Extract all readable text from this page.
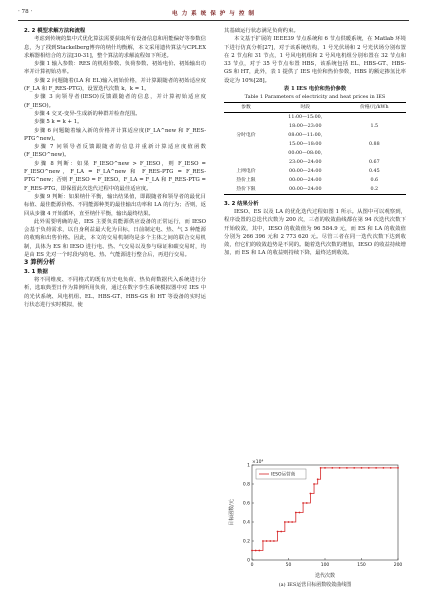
· 78 ·	电 力 系 统 保 护 与 控 制

2. 2 模型求解方法和流程

考虑到传统的集中式优化算法需要获取所有设备信息和用能偏好等参数信息，为了找到Stackelberg博弈的纳什均衡解，本文采用遗传算法与CPLEX求解器相结合的方法[30-31]，整个算法的求解流程如下所述。

步骤 1 输入参数：RES 的机组参数、负荷参数、初始电价、初始输出功率并计算初始功率。

步骤 2 问题随着(LA 和 EL)输入初始价格，并计算跟随者的初始适应度(F_LA 和 F_RES-PTG)，设置迭代次数 k，k = 1。

步骤 3 向领导者(IESO)反馈跟随者的信息，并计算初始适应度(F_IESO)。

步骤 4 交叉-变异-生成新的种群并检查范围。

步骤 5 k = k + 1。

步骤 6 问题随着输入新的价格并计算适应度(F_LA^new 和 F_RES-PTG^new)。

步骤 7 问领导者反馈跟随者的信息并重新计算适应度值函数(F_IESO^new)。

步骤 8 判断：如果 F_IESO^new > F_IESO，则 F_IESO = F_IESO^new，F_LA = F_LA^new 和 F_RES-PTG = F_RES-PTG^new；否则 F_IESO = F_IESO，F_LA = F_LA 和 F_RES-PTG = F_RES-PTG，即保留此次迭代过程中的最佳适应度。

步骤 9 判断：如果纳什平衡，输出结果值，即跟随者和领导者的最优目标值、最佳能源价格、不同能源种类的最佳输出功率和 LA 的行为；否则，返回从步骤 4 开始循环，直至纳什平衡，输出最终结果。

此外需要明确的是，IES 主要负责能源供应设备的正常运行，而 IESO 会基于负荷需求，以自身利益最大化为目标，日前制定电、热、气 3 种能源的收购和出售价格。因此，本文的交易机制均是多个主体之间的联合交易机制，具体为 ES 和 IESO 进行电、热、气交易以及参与绿证和碳交易时，均是由 ES 先对一个时段内的电、热、气能源进行整合后，再进行交易。

3 算例分析

3. 1 数据

将不同维度、不同格式的既有历史电负荷、热负荷数据代入系统进行分析，选取典型日作为算例所用负荷，通过在数字孪生系统模拟器中对 IES 中的光伏系统、风电机组、EL、HBS-GT、HBS-GS 和 HT 等设备的实时运行状态进行实时模拟，使

其基础运行状态满足负荷约束。

本文基于扩展的 IEEE39 节点系统和 6 节点供暖系统，在 Matlab 环境下进行仿真分析[27]，对于该系统结构，1 号光伏场和 2 号光伏场分别布置在 2 节点和 31 节点，1 号风电机组和 2 号风电机组分别布置在 32 节点和 33 节点，对于 35 号节点布置 HBS，该系统包括 EL、HBS-GT、HBS-GS 和 HT，此外，表 1 提供了 IES 电价和热价参数，HBS 的额定掺氢比率设定为 10%[28]。

表 1 IES 电价和热价参数

Table 1 Parameters of electricity and heat prices in IES

参数	时段	价格/元/kWh
	11:00—15:00,	
	18:00—23:00	1.5
分时电价	08:00—11:00,	
	15:00—18:00	0.88
	00:00—08:00,	
	23:00—24:00	0.67
上网电价	00:00—24:00	0.45
热价上限	00:00—24:00	0.6
热价下限	00:00—24:00	0.2

3. 2 结果分析

IESO、ES 以及 LA 的优化迭代过程如图 1 所示。从图中可以观察到，程序设置的总迭代次数为 200 次，三者的收敛曲线都在第 94 次迭代次数下开始收敛，其中，IESO 的收敛值为 96 584.9 元，而 ES 和 LA 的收敛值分别为 266 396 元和 2 773 620 元。尽管三者在同一迭代次数下达到收敛，但它们的收敛趋势是不同的。随着迭代次数的增加，IESO 的收益持续增加，而 ES 和 LA 的收益则持续下降，最终达到收敛。

0	50	100	150	200
0
0.2
0.4
0.6
0.8
1
×10⁴
迭代次数
目标函数/元
IESO运营商
(a) IES运营目标函数收敛曲线图
